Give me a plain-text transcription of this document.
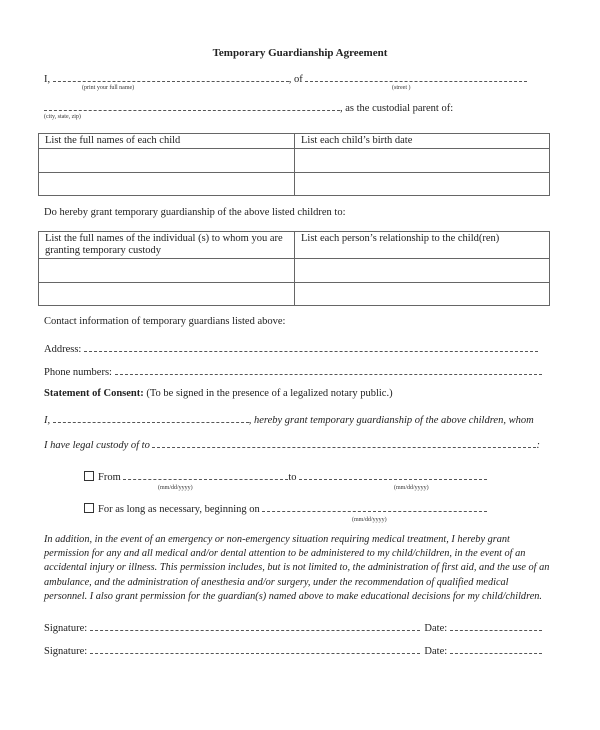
Temporary Guardianship Agreement
I,	, of
(print your full name)	(street )
, as the custodial parent of:
(city, state, zip)
List the full names of each child	List each child’s birth date

Do hereby grant temporary guardianship of the above listed children to:
List the full names of the individual (s) to whom you are granting temporary custody	List each person’s relationship to the child(ren)

Contact information of temporary guardians listed above:
Address:
Phone numbers:
Statement of Consent: (To be signed in the presence of a legalized notary public.)
I,	, hereby grant temporary guardianship of the above children, whom
I have legal custody of to	:
From	to
(mm/dd/yyyy)	(mm/dd/yyyy)
For as long as necessary, beginning on
(mm/dd/yyyy)
In addition, in the event of an emergency or non-emergency situation requiring medical treatment, I hereby grant permission for any and all medical and/or dental attention to be administered to my child/children, in the event of an accidental injury or illness. This permission includes, but is not limited to, the administration of first aid, and the use of an ambulance, and the administration of anesthesia and/or surgery, under the recommendation of qualified medical personnel. I also grant permission for the guardian(s) named above to make educational decisions for my child/children.
Signature:	Date:
Signature:	Date:
